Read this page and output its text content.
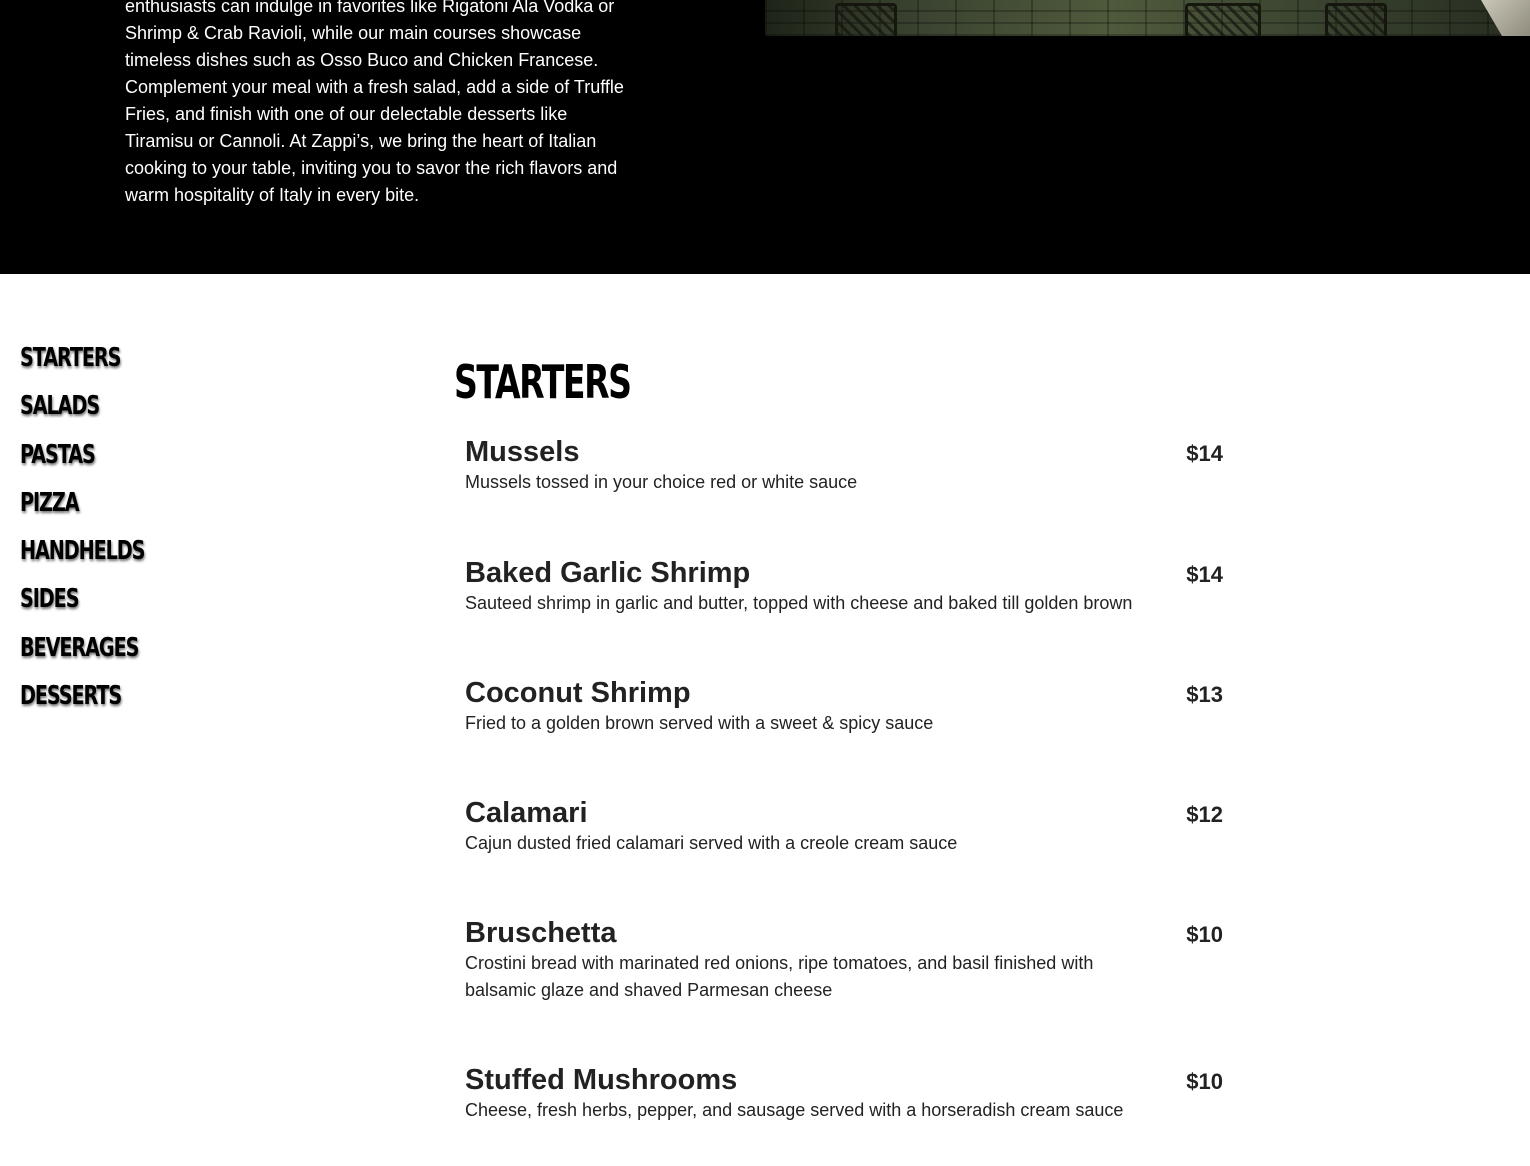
enthusiasts can indulge in favorites like Rigatoni Ala Vodka or Shrimp & Crab Ravioli, while our main courses showcase timeless dishes such as Osso Buco and Chicken Francese. Complement your meal with a fresh salad, add a side of Truffle Fries, and finish with one of our delectable desserts like Tiramisu or Cannoli. At Zappi’s, we bring the heart of Italian cooking to your table, inviting you to savor the rich flavors and warm hospitality of Italy in every bite.

STARTERS
SALADS
PASTAS
PIZZA
HANDHELDS
SIDES
BEVERAGES
DESSERTS
STARTERS
Mussels

Mussels tossed in your choice red or white sauce

$14
Baked Garlic Shrimp

Sauteed shrimp in garlic and butter, topped with cheese and baked till golden brown

$14
Coconut Shrimp

Fried to a golden brown served with a sweet & spicy sauce

$13
Calamari

Cajun dusted fried calamari served with a creole cream sauce

$12
Bruschetta

Crostini bread with marinated red onions, ripe tomatoes, and basil finished with balsamic glaze and shaved Parmesan cheese

$10
Stuffed Mushrooms

Cheese, fresh herbs, pepper, and sausage served with a horseradish cream sauce

$10
